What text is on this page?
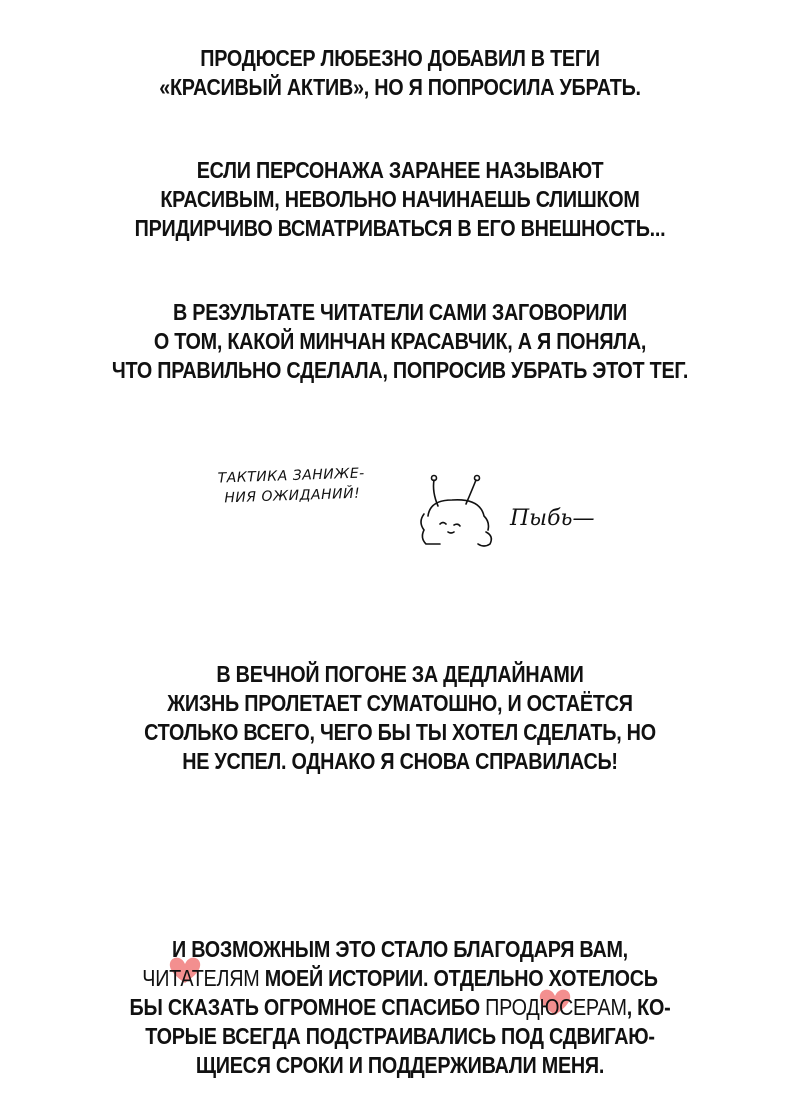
ПРОДЮСЕР ЛЮБЕЗНО ДОБАВИЛ В ТЕГИ
«КРАСИВЫЙ АКТИВ», НО Я ПОПРОСИЛА УБРАТЬ.
ЕСЛИ ПЕРСОНАЖА ЗАРАНЕЕ НАЗЫВАЮТ
КРАСИВЫМ, НЕВОЛЬНО НАЧИНАЕШЬ СЛИШКОМ
ПРИДИРЧИВО ВСМАТРИВАТЬСЯ В ЕГО ВНЕШНОСТЬ...
В РЕЗУЛЬТАТЕ ЧИТАТЕЛИ САМИ ЗАГОВОРИЛИ
О ТОМ, КАКОЙ МИНЧАН КРАСАВЧИК, А Я ПОНЯЛА,
ЧТО ПРАВИЛЬНО СДЕЛАЛА, ПОПРОСИВ УБРАТЬ ЭТОТ ТЕГ.
ТАКТИКА ЗАНИЖЕ-
НИЯ ОЖИДАНИЙ!
Пыбь—
В ВЕЧНОЙ ПОГОНЕ ЗА ДЕДЛАЙНАМИ
ЖИЗНЬ ПРОЛЕТАЕТ СУМАТОШНО, И ОСТАЁТСЯ
СТОЛЬКО ВСЕГО, ЧЕГО БЫ ТЫ ХОТЕЛ СДЕЛАТЬ, НО
НЕ УСПЕЛ. ОДНАКО Я СНОВА СПРАВИЛАСЬ!
И ВОЗМОЖНЫМ ЭТО СТАЛО БЛАГОДАРЯ ВАМ,
ЧИТАТЕЛЯМ МОЕЙ ИСТОРИИ. ОТДЕЛЬНО ХОТЕЛОСЬ
БЫ СКАЗАТЬ ОГРОМНОЕ СПАСИБО ПРОДЮСЕРАМ, КО-
ТОРЫЕ ВСЕГДА ПОДСТРАИВАЛИСЬ ПОД СДВИГАЮ-
ЩИЕСЯ СРОКИ И ПОДДЕРЖИВАЛИ МЕНЯ.
